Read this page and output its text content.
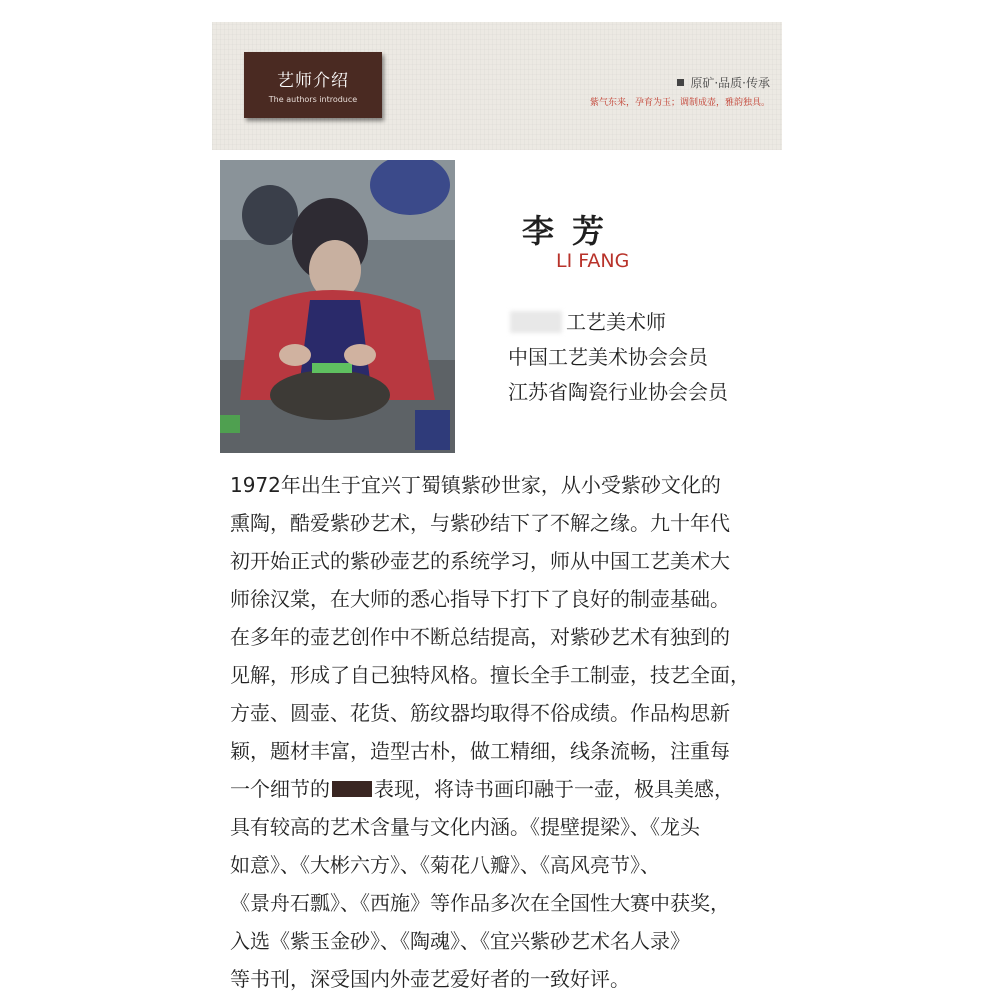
艺师介绍
The authors introduce
原矿·品质·传承
紫气东来，孕育为玉；调制成壶，雅韵独具。
李芳
LI FANG
工艺美术师
中国工艺美术协会会员
江苏省陶瓷行业协会会员
1972年出生于宜兴丁蜀镇紫砂世家，从小受紫砂文化的
熏陶，酷爱紫砂艺术，与紫砂结下了不解之缘。九十年代
初开始正式的紫砂壶艺的系统学习，师从中国工艺美术大
师徐汉棠，在大师的悉心指导下打下了良好的制壶基础。
在多年的壶艺创作中不断总结提高，对紫砂艺术有独到的
见解，形成了自己独特风格。擅长全手工制壶，技艺全面，
方壶、圆壶、花货、筋纹器均取得不俗成绩。作品构思新
颖，题材丰富，造型古朴，做工精细，线条流畅，注重每
一个细节的 表现，将诗书画印融于一壶，极具美感，
具有较高的艺术含量与文化内涵。《提壁提梁》、《龙头
如意》、《大彬六方》、《菊花八瓣》、《高风亮节》、
《景舟石瓢》、《西施》等作品多次在全国性大赛中获奖，
入选《紫玉金砂》、《陶魂》、《宜兴紫砂艺术名人录》
等书刊，深受国内外壶艺爱好者的一致好评。
